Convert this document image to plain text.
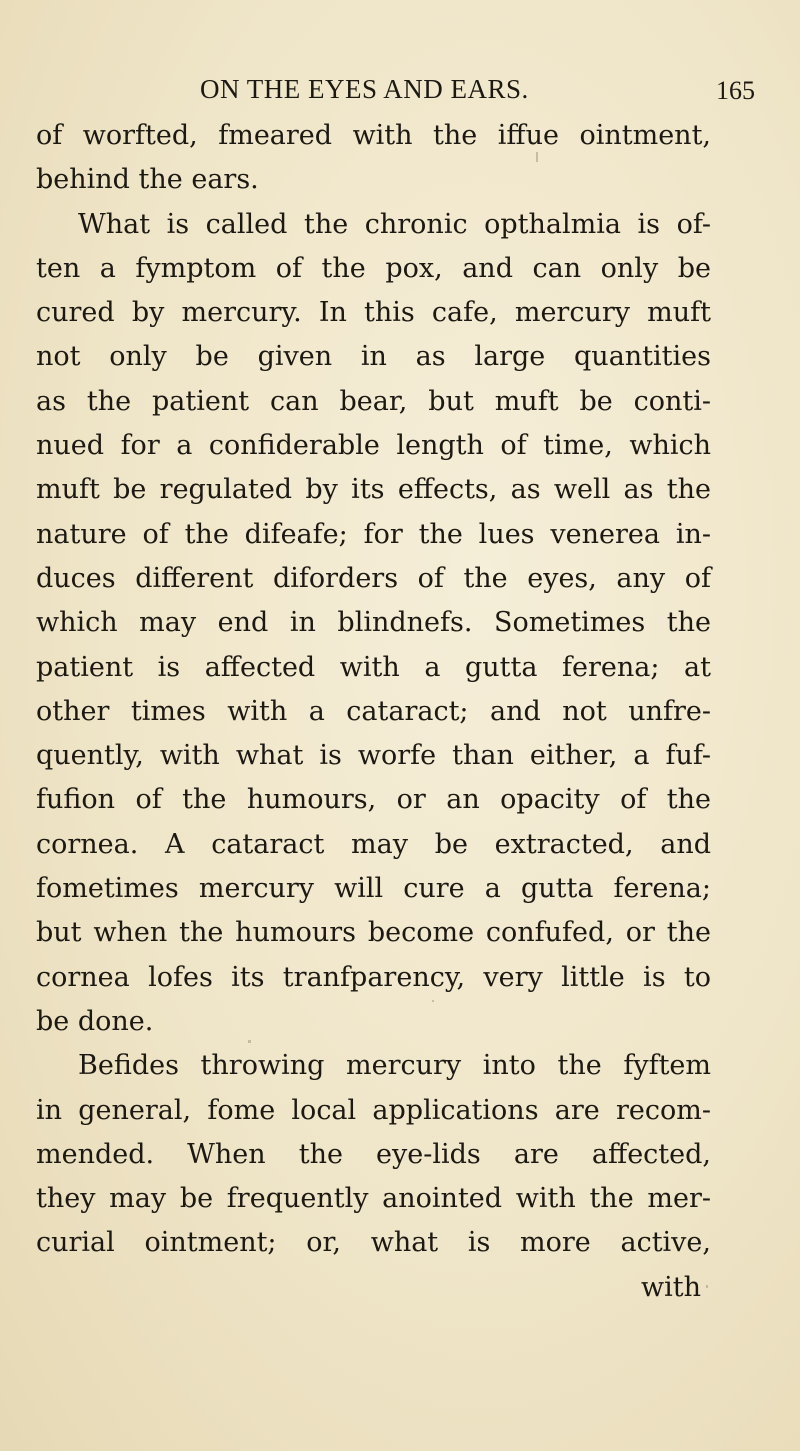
ON THE EYES AND EARS.	165
of worfted, fmeared with the iffue ointment,
behind the ears.
What is called the chronic opthalmia is of-
ten a fymptom of the pox, and can only be
cured by mercury. In this cafe, mercury muft
not only be given in as large quantities
as the patient can bear, but muft be conti-
nued for a confiderable length of time, which
muft be regulated by its effects, as well as the
nature of the difeafe; for the lues venerea in-
duces different diforders of the eyes, any of
which may end in blindnefs. Sometimes the
patient is affected with a gutta ferena; at
other times with a cataract; and not unfre-
quently, with what is worfe than either, a fuf-
fufion of the humours, or an opacity of the
cornea. A cataract may be extracted, and
fometimes mercury will cure a gutta ferena;
but when the humours become confufed, or the
cornea lofes its tranfparency, very little is to
be done.
Befides throwing mercury into the fyftem
in general, fome local applications are recom-
mended. When the eye-lids are affected,
they may be frequently anointed with the mer-
curial ointment; or, what is more active,
with
